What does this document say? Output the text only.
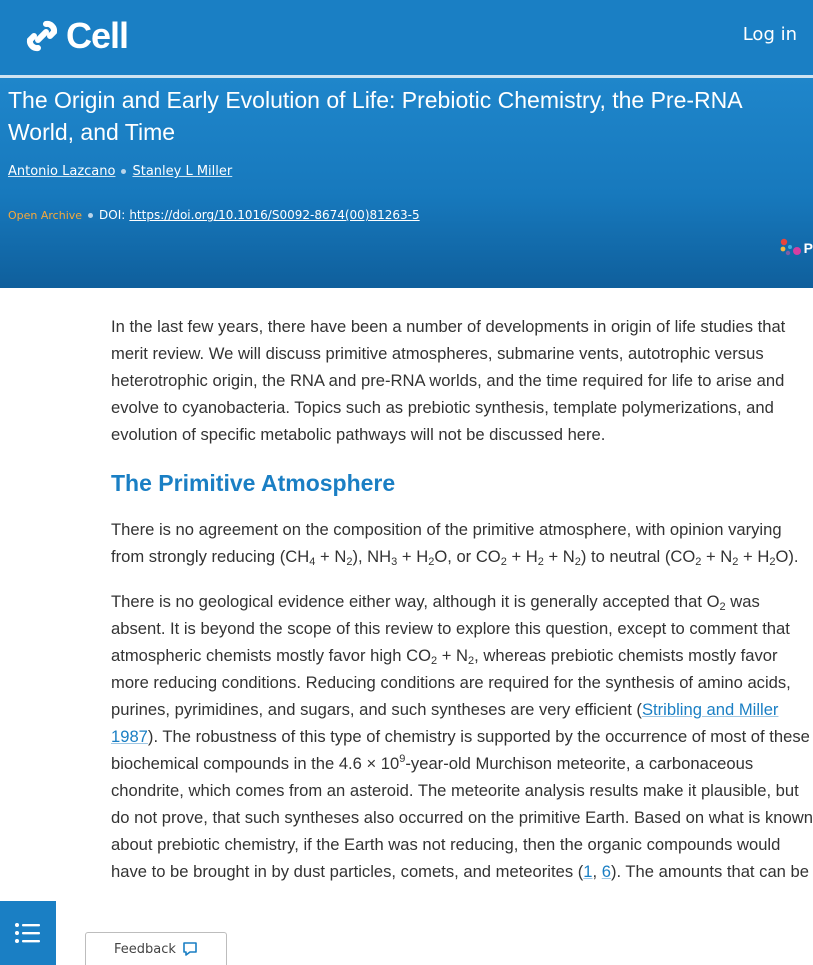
Cell	Log in
The Origin and Early Evolution of Life: Prebiotic Chemistry, the Pre-RNA World, and Time
Antonio Lazcano Stanley L Miller
Open Archive DOI: https://doi.org/10.1016/S0092-8674(00)81263-5
P

In the last few years, there have been a number of developments in origin of life studies that merit review. We will discuss primitive atmospheres, submarine vents, autotrophic versus heterotrophic origin, the RNA and pre-RNA worlds, and the time required for life to arise and evolve to cyanobacteria. Topics such as prebiotic synthesis, template polymerizations, and evolution of specific metabolic pathways will not be discussed here.

The Primitive Atmosphere

There is no agreement on the composition of the primitive atmosphere, with opinion varying from strongly reducing $(CH_4 + N_2)$, $NH_3 + H_2O$, or $CO_2 + H_2 + N_2$) to neutral $(CO_2 + N_2 + H_2O)$.

There is no geological evidence either way, although it is generally accepted that $O_2$ was absent. It is beyond the scope of this review to explore this question, except to comment that atmospheric chemists mostly favor high $CO_2 + N_2$, whereas prebiotic chemists mostly favor more reducing conditions. Reducing conditions are required for the synthesis of amino acids, purines, pyrimidines, and sugars, and such syntheses are very efficient (Stribling and Miller 1987). The robustness of this type of chemistry is supported by the occurrence of most of these biochemical compounds in the $4.6 \times 10^9-year$-old Murchison meteorite, a carbonaceous chondrite, which comes from an asteroid. The meteorite analysis results make it plausible, but do not prove, that such syntheses also occurred on the primitive Earth. Based on what is known about prebiotic chemistry, if the Earth was not reducing, then the organic compounds would have to be brought in by dust particles, comets, and meteorites (1, 6). The amounts that can be

Feedback
